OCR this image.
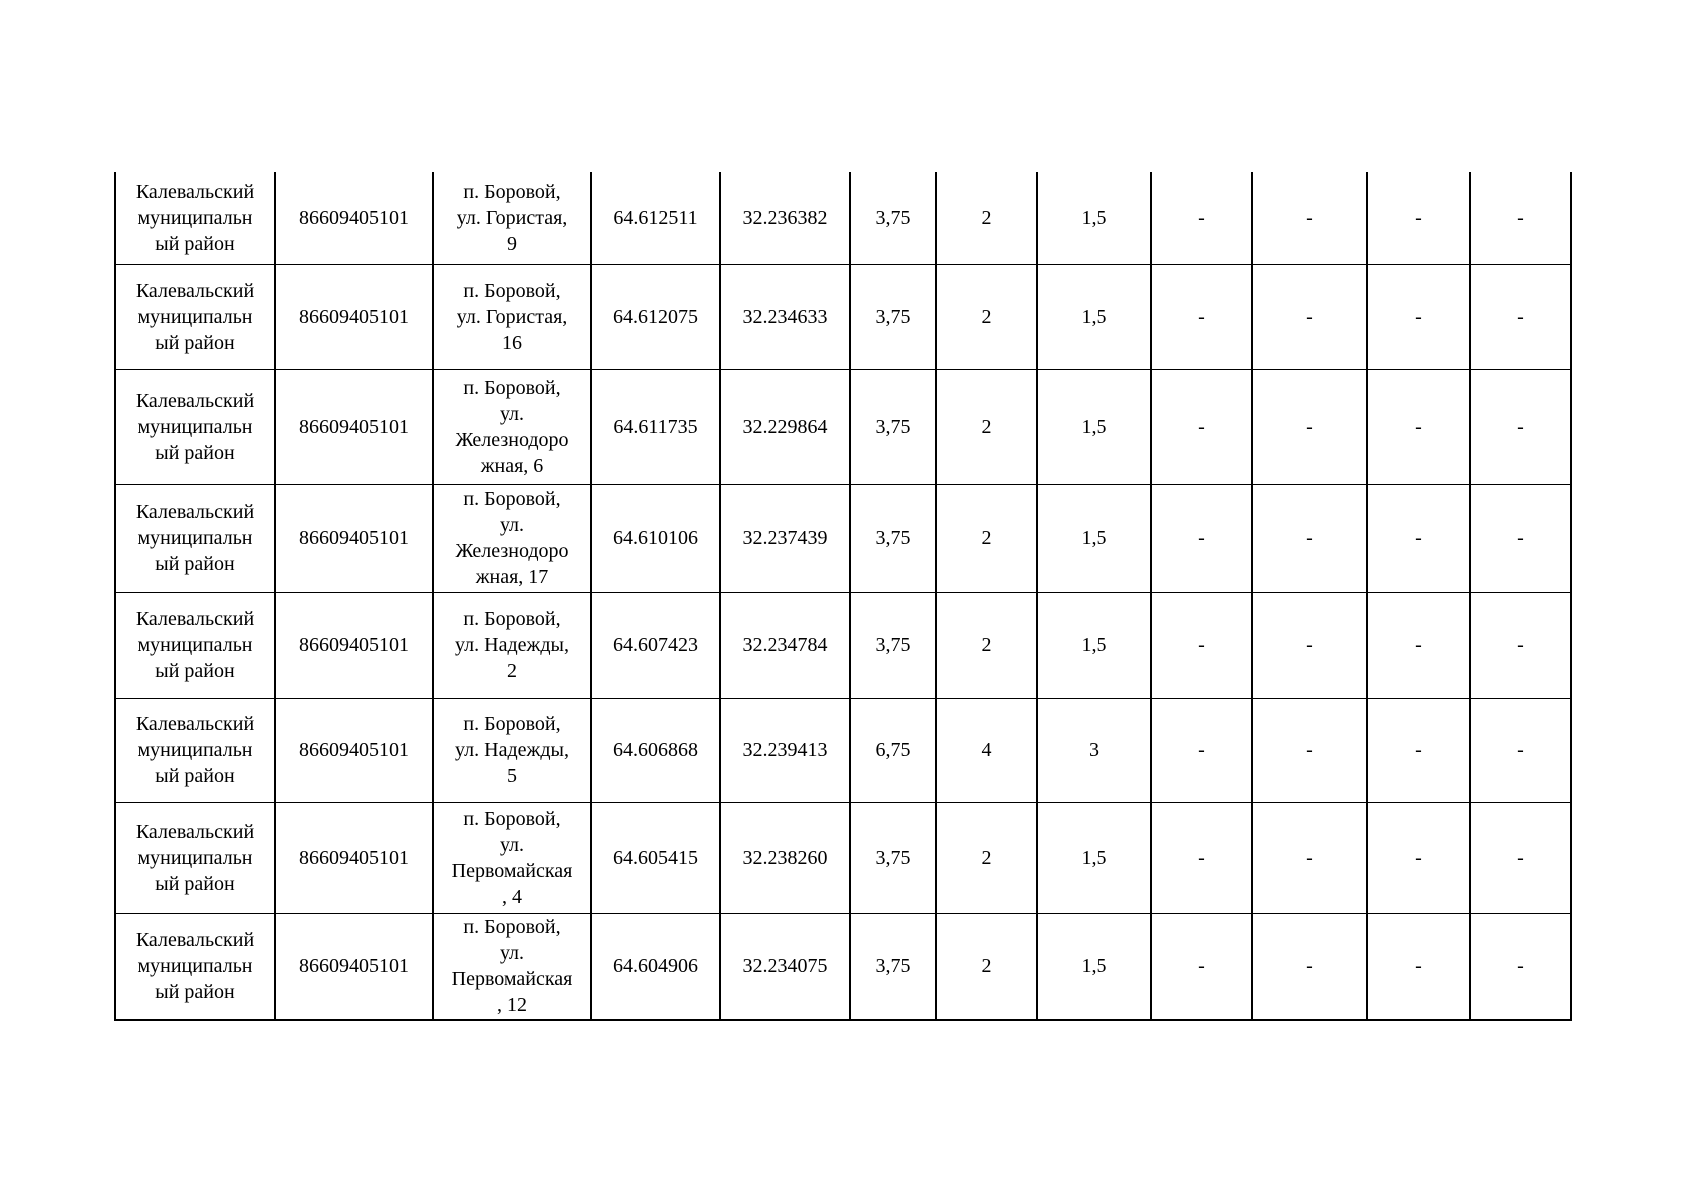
Калевальский
муниципальн
ый район	86609405101	п. Боровой,
ул. Гористая,
9	64.612511	32.236382	3,75	2	1,5	-	-	-	-

Калевальский
муниципальн
ый район	86609405101	п. Боровой,
ул. Гористая,
16	64.612075	32.234633	3,75	2	1,5	-	-	-	-

Калевальский
муниципальн
ый район	86609405101	п. Боровой,
ул.
Железнодоро
жная, 6	64.611735	32.229864	3,75	2	1,5	-	-	-	-

Калевальский
муниципальн
ый район	86609405101	п. Боровой,
ул.
Железнодоро
жная, 17	64.610106	32.237439	3,75	2	1,5	-	-	-	-

Калевальский
муниципальн
ый район	86609405101	п. Боровой,
ул. Надежды,
2	64.607423	32.234784	3,75	2	1,5	-	-	-	-

Калевальский
муниципальн
ый район	86609405101	п. Боровой,
ул. Надежды,
5	64.606868	32.239413	6,75	4	3	-	-	-	-

Калевальский
муниципальн
ый район	86609405101	п. Боровой,
ул.
Первомайская
, 4	64.605415	32.238260	3,75	2	1,5	-	-	-	-

Калевальский
муниципальн
ый район	86609405101	п. Боровой,
ул.
Первомайская
, 12	64.604906	32.234075	3,75	2	1,5	-	-	-	-
